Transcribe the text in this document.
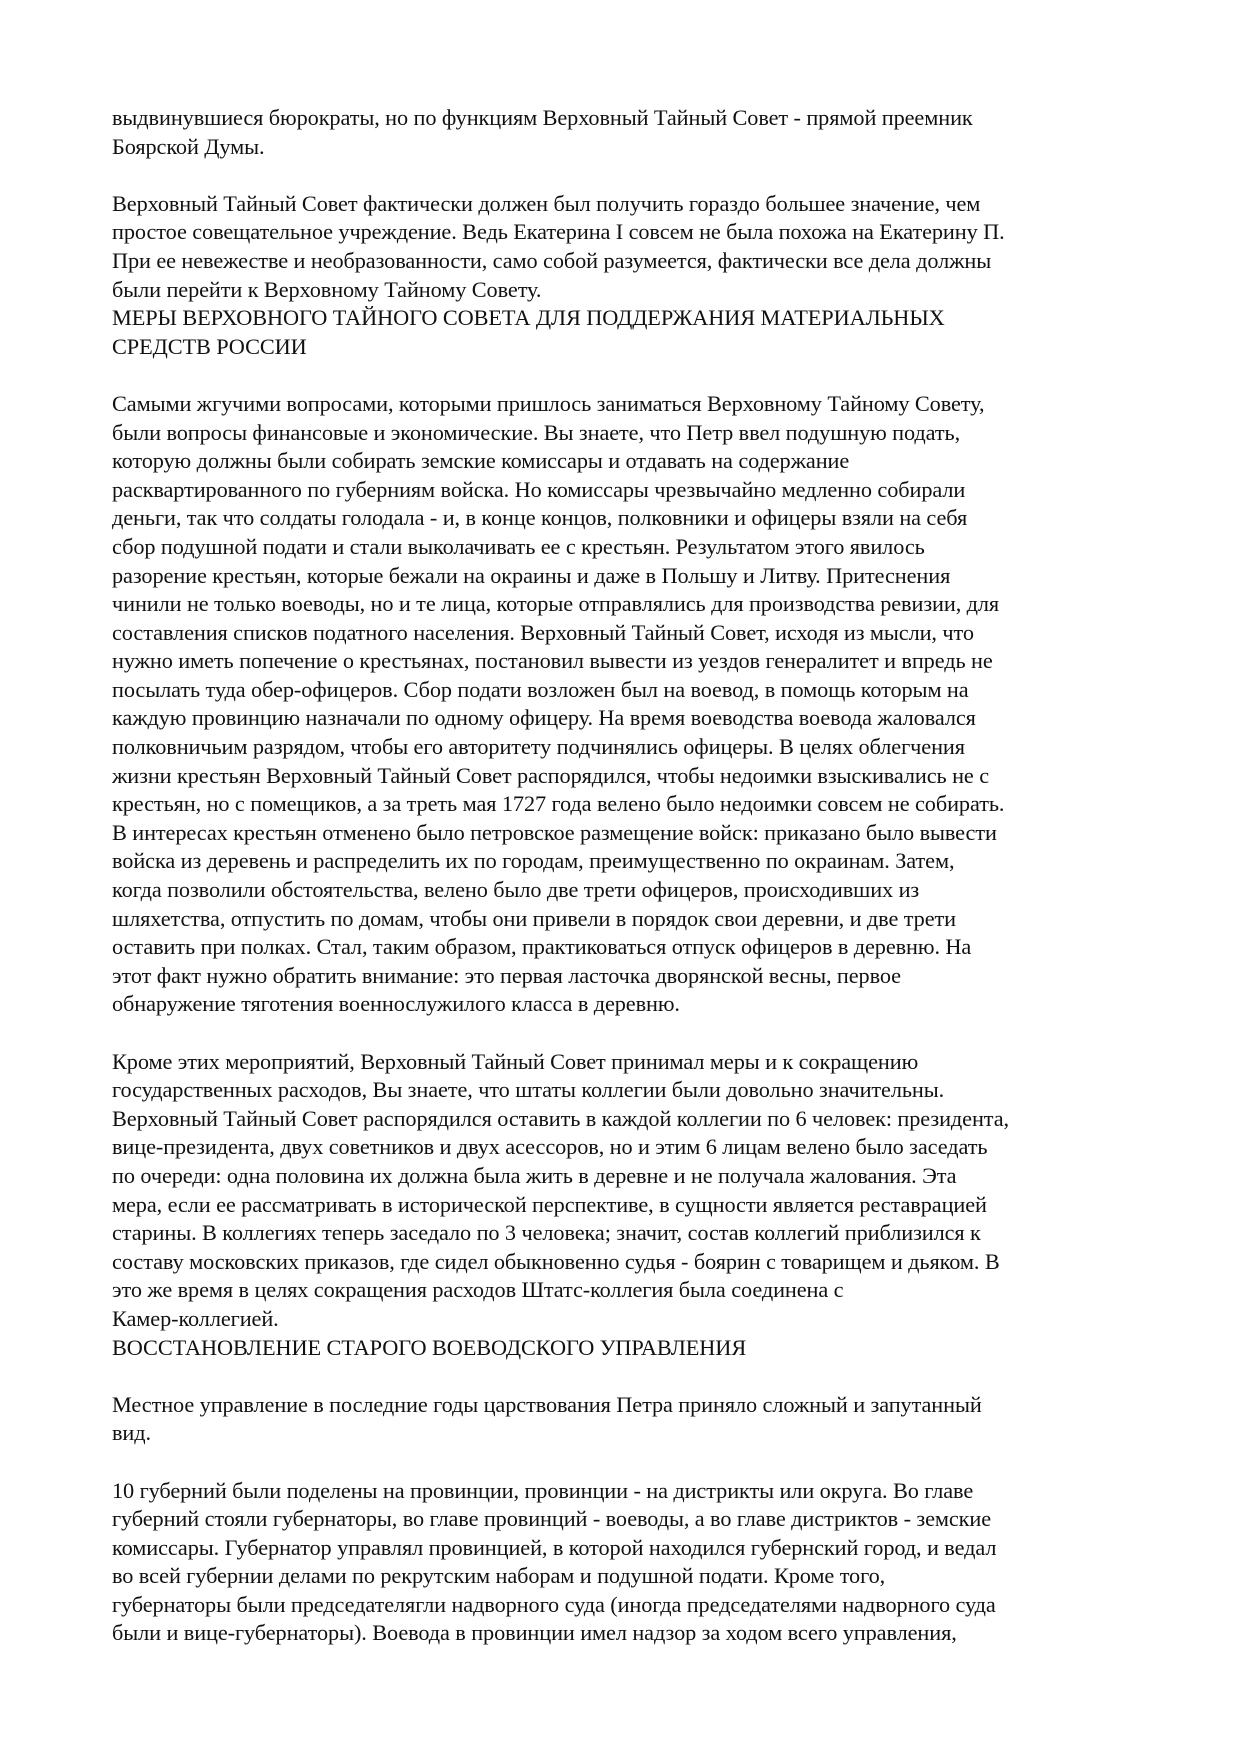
выдвинувшиеся бюрократы, но по функциям Верховный Тайный Совет - прямой преемник
Боярской Думы.

Верховный Тайный Совет фактически должен был получить гораздо большее значение, чем
простое совещательное учреждение. Ведь Екатерина I совсем не была похожа на Екатерину П.
При ее невежестве и необразованности, само собой разумеется, фактически все дела должны
были перейти к Верховному Тайному Совету.

МЕРЫ ВЕРХОВНОГО ТАЙНОГО СОВЕТА ДЛЯ ПОДДЕРЖАНИЯ МАТЕРИАЛЬНЫХ
СРЕДСТВ РОССИИ

Самыми жгучими вопросами, которыми пришлось заниматься Верховному Тайному Совету,
были вопросы финансовые и экономические. Вы знаете, что Петр ввел подушную подать,
которую должны были собирать земские комиссары и отдавать на содержание
расквартированного по губерниям войска. Но комиссары чрезвычайно медленно собирали
деньги, так что солдаты голодала - и, в конце концов, полковники и офицеры взяли на себя
сбор подушной подати и стали выколачивать ее с крестьян. Результатом этого явилось
разорение крестьян, которые бежали на окраины и даже в Польшу и Литву. Притеснения
чинили не только воеводы, но и те лица, которые отправлялись для производства ревизии, для
составления списков податного населения. Верховный Тайный Совет, исходя из мысли, что
нужно иметь попечение о крестьянах, постановил вывести из уездов генералитет и впредь не
посылать туда обер-офицеров. Сбор подати возложен был на воевод, в помощь которым на
каждую провинцию назначали по одному офицеру. На время воеводства воевода жаловался
полковничьим разрядом, чтобы его авторитету подчинялись офицеры. В целях облегчения
жизни крестьян Верховный Тайный Совет распорядился, чтобы недоимки взыскивались не с
крестьян, но с помещиков, а за треть мая 1727 года велено было недоимки совсем не собирать.
В интересах крестьян отменено было петровское размещение войск: приказано было вывести
войска из деревень и распределить их по городам, преимущественно по окраинам. Затем,
когда позволили обстоятельства, велено было две трети офицеров, происходивших из
шляхетства, отпустить по домам, чтобы они привели в порядок свои деревни, и две трети
оставить при полках. Стал, таким образом, практиковаться отпуск офицеров в деревню. На
этот факт нужно обратить внимание: это первая ласточка дворянской весны, первое
обнаружение тяготения военнослужилого класса в деревню.

Кроме этих мероприятий, Верховный Тайный Совет принимал меры и к сокращению
государственных расходов, Вы знаете, что штаты коллегии были довольно значительны.
Верховный Тайный Совет распорядился оставить в каждой коллегии по 6 человек: президента,
вице-президента, двух советников и двух асессоров, но и этим 6 лицам велено было заседать
по очереди: одна половина их должна была жить в деревне и не получала жалования. Эта
мера, если ее рассматривать в исторической перспективе, в сущности является реставрацией
старины. В коллегиях теперь заседало по 3 человека; значит, состав коллегий приблизился к
составу московских приказов, где сидел обыкновенно судья - боярин с товарищем и дьяком. В
это же время в целях сокращения расходов Штатс-коллегия была соединена с
Камер-коллегией.

ВОССТАНОВЛЕНИЕ СТАРОГО ВОЕВОДСКОГО УПРАВЛЕНИЯ

Местное управление в последние годы царствования Петра приняло сложный и запутанный
вид.

10 губерний были поделены на провинции, провинции - на дистрикты или округа. Во главе
губерний стояли губернаторы, во главе провинций - воеводы, а во главе дистриктов - земские
комиссары. Губернатор управлял провинцией, в которой находился губернский город, и ведал
во всей губернии делами по рекрутским наборам и подушной подати. Кроме того,
губернаторы были председателягли надворного суда (иногда председателями надворного суда
были и вице-губернаторы). Воевода в провинции имел надзор за ходом всего управления,
